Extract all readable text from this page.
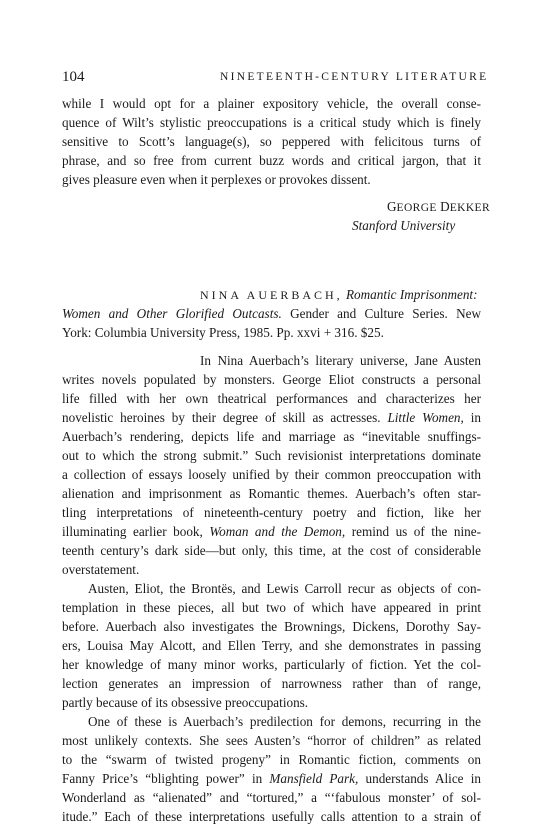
104	NINETEENTH-CENTURY LITERATURE
while I would opt for a plainer expository vehicle, the overall conse-
quence of Wilt’s stylistic preoccupations is a critical study which is finely
sensitive to Scott’s language(s), so peppered with felicitous turns of
phrase, and so free from current buzz words and critical jargon, that it
gives pleasure even when it perplexes or provokes dissent.
GEORGE DEKKER
Stanford University
NINA AUERBACH, Romantic Imprisonment:
Women and Other Glorified Outcasts. Gender and Culture Series. New
York: Columbia University Press, 1985. Pp. xxvi + 316. $25.
In Nina Auerbach’s literary universe, Jane Austen
writes novels populated by monsters. George Eliot constructs a personal
life filled with her own theatrical performances and characterizes her
novelistic heroines by their degree of skill as actresses. Little Women, in
Auerbach’s rendering, depicts life and marriage as “inevitable snuffings-
out to which the strong submit.” Such revisionist interpretations dominate
a collection of essays loosely unified by their common preoccupation with
alienation and imprisonment as Romantic themes. Auerbach’s often star-
tling interpretations of nineteenth-century poetry and fiction, like her
illuminating earlier book, Woman and the Demon, remind us of the nine-
teenth century’s dark side—but only, this time, at the cost of considerable
overstatement.
Austen, Eliot, the Brontës, and Lewis Carroll recur as objects of con-
templation in these pieces, all but two of which have appeared in print
before. Auerbach also investigates the Brownings, Dickens, Dorothy Say-
ers, Louisa May Alcott, and Ellen Terry, and she demonstrates in passing
her knowledge of many minor works, particularly of fiction. Yet the col-
lection generates an impression of narrowness rather than of range,
partly because of its obsessive preoccupations.
One of these is Auerbach’s predilection for demons, recurring in the
most unlikely contexts. She sees Austen’s “horror of children” as related
to the “swarm of twisted progeny” in Romantic fiction, comments on
Fanny Price’s “blighting power” in Mansfield Park, understands Alice in
Wonderland as “alienated” and “tortured,” a “‘fabulous monster’ of sol-
itude.” Each of these interpretations usefully calls attention to a strain of
